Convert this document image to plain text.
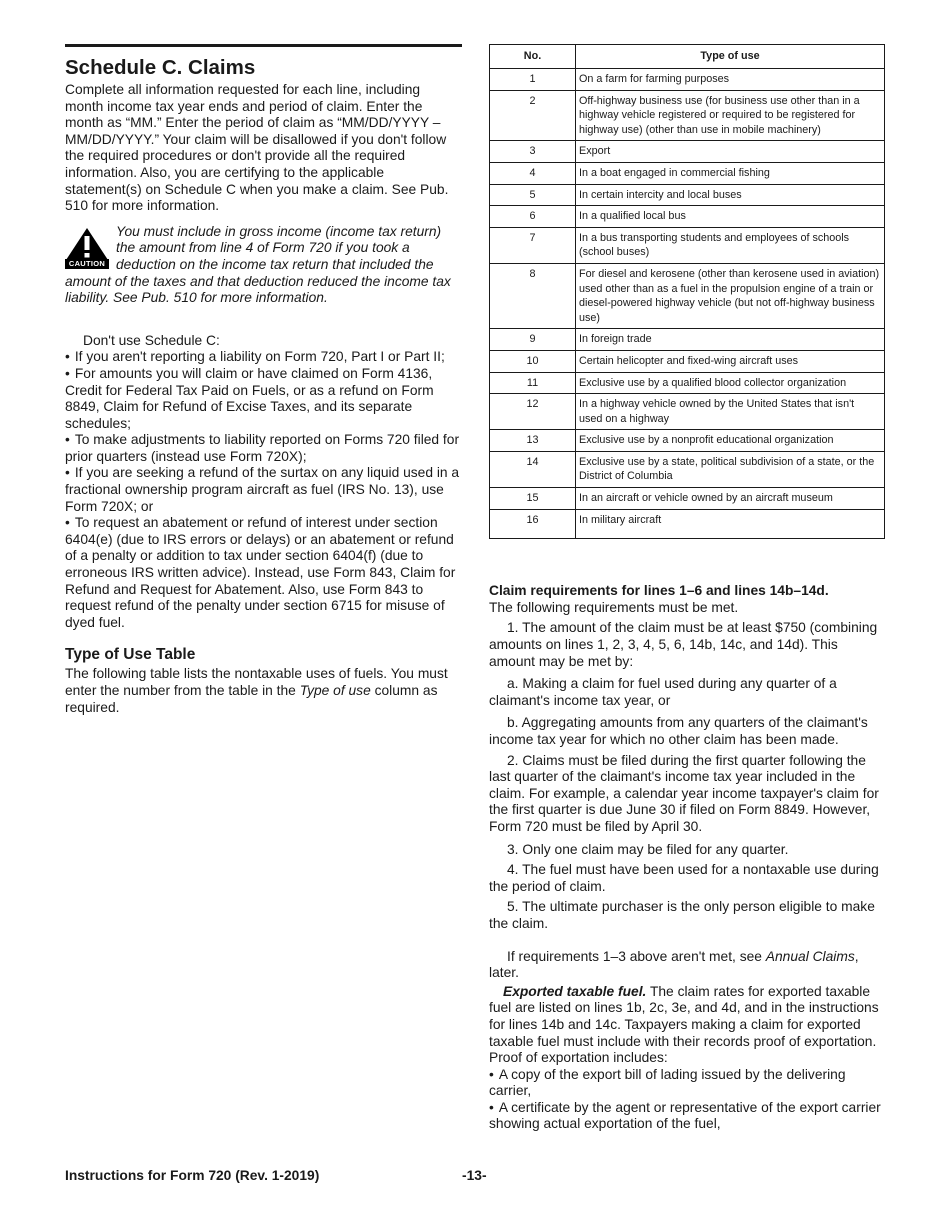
Schedule C. Claims

Complete all information requested for each line, including month income tax year ends and period of claim. Enter the month as “MM.” Enter the period of claim as “MM/DD/YYYY – MM/DD/YYYY.” Your claim will be disallowed if you don't follow the required procedures or don't provide all the required information. Also, you are certifying to the applicable statement(s) on Schedule C when you make a claim. See Pub. 510 for more information.

CAUTION
You must include in gross income (income tax return) the amount from line 4 of Form 720 if you took a deduction on the income tax return that included the amount of the taxes and that deduction reduced the income tax liability. See Pub. 510 for more information.

Don't use Schedule C:

• If you aren't reporting a liability on Form 720, Part I or Part II;

• For amounts you will claim or have claimed on Form 4136, Credit for Federal Tax Paid on Fuels, or as a refund on Form 8849, Claim for Refund of Excise Taxes, and its separate schedules;

• To make adjustments to liability reported on Forms 720 filed for prior quarters (instead use Form 720X);

• If you are seeking a refund of the surtax on any liquid used in a fractional ownership program aircraft as fuel (IRS No. 13), use Form 720X; or

• To request an abatement or refund of interest under section 6404(e) (due to IRS errors or delays) or an abatement or refund of a penalty or addition to tax under section 6404(f) (due to erroneous IRS written advice). Instead, use Form 843, Claim for Refund and Request for Abatement. Also, use Form 843 to request refund of the penalty under section 6715 for misuse of dyed fuel.

Type of Use Table

The following table lists the nontaxable uses of fuels. You must enter the number from the table in the Type of use column as required.

No.	Type of use
1	On a farm for farming purposes
2	Off-highway business use (for business use other than in a highway vehicle registered or required to be registered for highway use) (other than use in mobile machinery)
3	Export
4	In a boat engaged in commercial fishing
5	In certain intercity and local buses
6	In a qualified local bus
7	In a bus transporting students and employees of schools (school buses)
8	For diesel and kerosene (other than kerosene used in aviation) used other than as a fuel in the propulsion engine of a train or diesel-powered highway vehicle (but not off-highway business use)
9	In foreign trade
10	Certain helicopter and fixed-wing aircraft uses
11	Exclusive use by a qualified blood collector organization
12	In a highway vehicle owned by the United States that isn't used on a highway
13	Exclusive use by a nonprofit educational organization
14	Exclusive use by a state, political subdivision of a state, or the District of Columbia
15	In an aircraft or vehicle owned by an aircraft museum
16	In military aircraft

Claim requirements for lines 1–6 and lines 14b–14d.
The following requirements must be met.

1. The amount of the claim must be at least $750 (combining amounts on lines 1, 2, 3, 4, 5, 6, 14b, 14c, and 14d). This amount may be met by:

a. Making a claim for fuel used during any quarter of a claimant's income tax year, or

b. Aggregating amounts from any quarters of the claimant's income tax year for which no other claim has been made.

2. Claims must be filed during the first quarter following the last quarter of the claimant's income tax year included in the claim. For example, a calendar year income taxpayer's claim for the first quarter is due June 30 if filed on Form 8849. However, Form 720 must be filed by April 30.

3. Only one claim may be filed for any quarter.

4. The fuel must have been used for a nontaxable use during the period of claim.

5. The ultimate purchaser is the only person eligible to make the claim.

If requirements 1–3 above aren't met, see Annual Claims, later.

Exported taxable fuel. The claim rates for exported taxable fuel are listed on lines 1b, 2c, 3e, and 4d, and in the instructions for lines 14b and 14c. Taxpayers making a claim for exported taxable fuel must include with their records proof of exportation. Proof of exportation includes:

• A copy of the export bill of lading issued by the delivering carrier,

• A certificate by the agent or representative of the export carrier showing actual exportation of the fuel,

Instructions for Form 720 (Rev. 1-2019)	-13-
